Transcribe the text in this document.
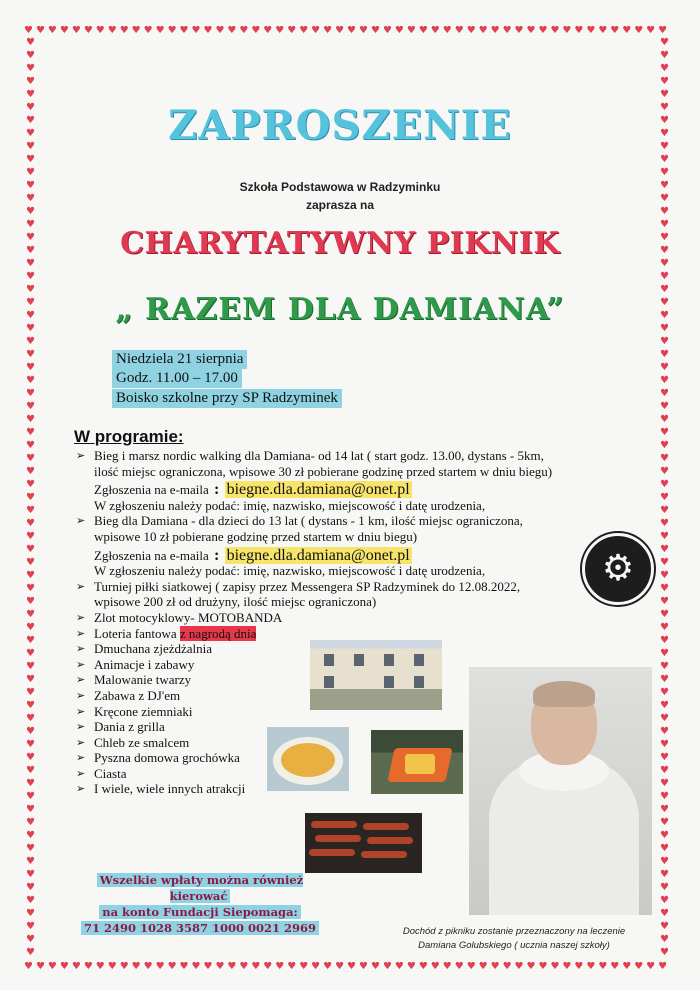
♥♥♥♥♥♥♥♥♥♥♥♥♥♥♥♥♥♥♥♥♥♥♥♥♥♥♥♥♥♥♥♥♥♥♥♥♥♥♥♥♥♥♥♥♥♥♥♥♥♥♥♥♥♥
♥♥♥♥♥♥♥♥♥♥♥♥♥♥♥♥♥♥♥♥♥♥♥♥♥♥♥♥♥♥♥♥♥♥♥♥♥♥♥♥♥♥♥♥♥♥♥♥♥♥♥♥♥♥
♥♥♥♥♥♥♥♥♥♥♥♥♥♥♥♥♥♥♥♥♥♥♥♥♥♥♥♥♥♥♥♥♥♥♥♥♥♥♥♥♥♥♥♥♥♥♥♥♥♥♥♥♥♥♥♥♥♥♥♥♥♥♥♥♥♥♥♥♥♥♥
♥♥♥♥♥♥♥♥♥♥♥♥♥♥♥♥♥♥♥♥♥♥♥♥♥♥♥♥♥♥♥♥♥♥♥♥♥♥♥♥♥♥♥♥♥♥♥♥♥♥♥♥♥♥♥♥♥♥♥♥♥♥♥♥♥♥♥♥♥♥♥
ZAPROSZENIE
Szkoła Podstawowa w Radzyminku
zaprasza na
CHARYTATYWNY PIKNIK
„ RAZEM DLA DAMIANA”
Niedziela 21 sierpnia
Godz. 11.00 – 17.00
Boisko szkolne przy SP Radzyminek
W programie:
➢ Bieg i marsz nordic walking dla Damiana- od 14 lat ( start godz. 13.00, dystans - 5km,
ilość miejsc ograniczona, wpisowe 30 zł pobierane godzinę przed startem w dniu biegu)
Zgłoszenia na e-maila : biegne.dla.damiana@onet.pl
W zgłoszeniu należy podać: imię, nazwisko, miejscowość i datę urodzenia,
➢ Bieg dla Damiana - dla dzieci do 13 lat ( dystans - 1 km, ilość miejsc ograniczona,
wpisowe 10 zł pobierane godzinę przed startem w dniu biegu)
Zgłoszenia na e-maila : biegne.dla.damiana@onet.pl
W zgłoszeniu należy podać: imię, nazwisko, miejscowość i datę urodzenia,
➢ Turniej piłki siatkowej ( zapisy przez Messengera SP Radzyminek do 12.08.2022,
wpisowe 200 zł od drużyny, ilość miejsc ograniczona)
➢ Zlot motocyklowy- MOTOBANDA
➢ Loteria fantowa z nagrodą dnia
➢ Dmuchana zjeżdżalnia
➢ Animacje i zabawy
➢ Malowanie twarzy
➢ Zabawa z DJ'em
➢ Kręcone ziemniaki
➢ Dania z grilla
➢ Chleb ze smalcem
➢ Pyszna domowa grochówka
➢ Ciasta
➢ I wiele, wiele innych atrakcji
⚙
Wszelkie wpłaty można również kierować
na konto Fundacji Siepomaga:
71 2490 1028 3587 1000 0021 2969	Dochód z pikniku zostanie przeznaczony na leczenie
Damiana Golubskiego ( ucznia naszej szkoły)
